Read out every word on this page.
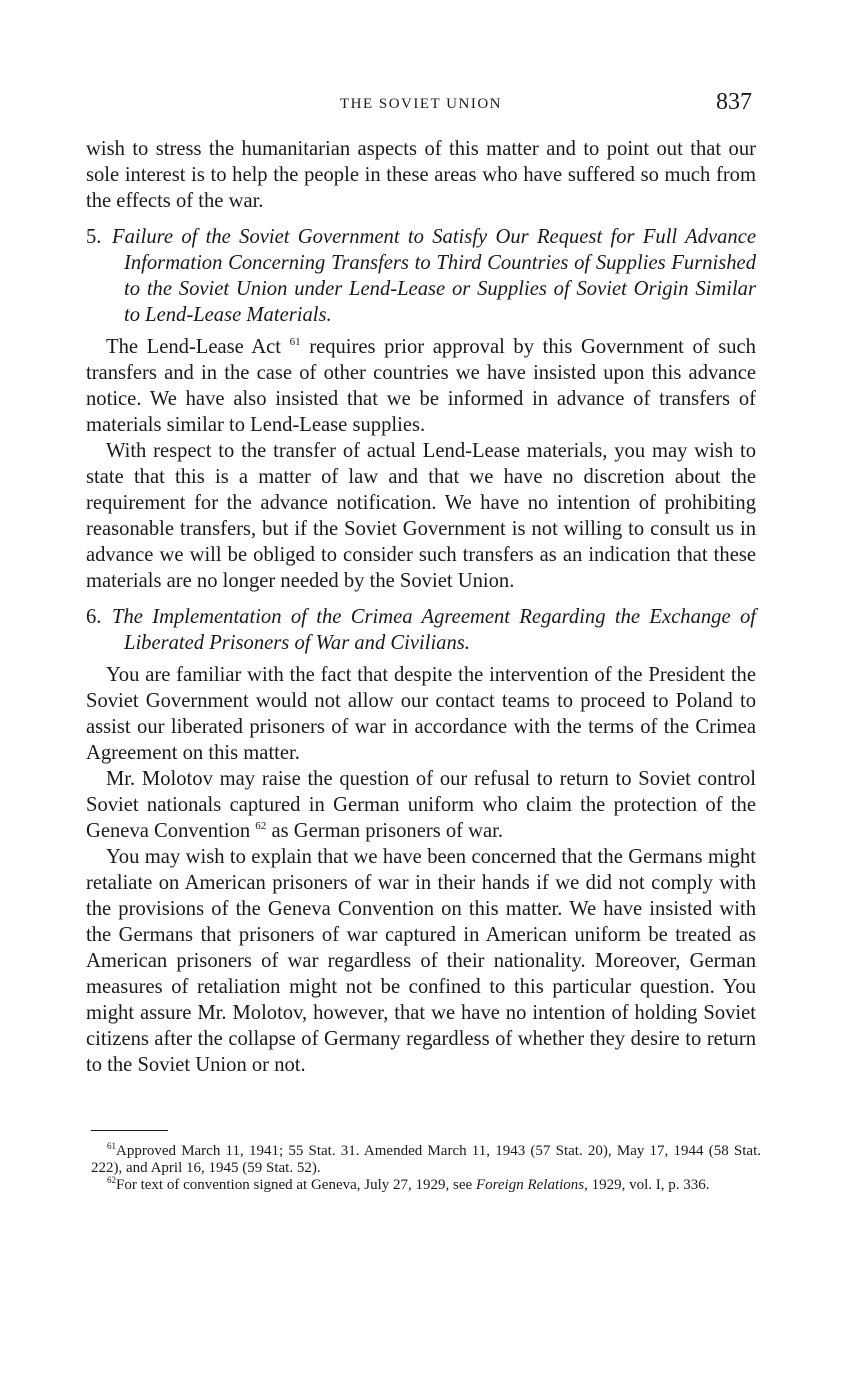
THE SOVIET UNION	837

wish to stress the humanitarian aspects of this matter and to point out that our sole interest is to help the people in these areas who have suffered so much from the effects of the war.

5. Failure of the Soviet Government to Satisfy Our Request for Full Advance Information Concerning Transfers to Third Countries of Supplies Furnished to the Soviet Union under Lend-Lease or Supplies of Soviet Origin Similar to Lend-Lease Materials.

The Lend-Lease Act $^{61}$ requires prior approval by this Government of such transfers and in the case of other countries we have insisted upon this advance notice. We have also insisted that we be informed in advance of transfers of materials similar to Lend-Lease supplies.

With respect to the transfer of actual Lend-Lease materials, you may wish to state that this is a matter of law and that we have no discretion about the requirement for the advance notification. We have no intention of prohibiting reasonable transfers, but if the Soviet Government is not willing to consult us in advance we will be obliged to consider such transfers as an indication that these materials are no longer needed by the Soviet Union.

6. The Implementation of the Crimea Agreement Regarding the Exchange of Liberated Prisoners of War and Civilians.

You are familiar with the fact that despite the intervention of the President the Soviet Government would not allow our contact teams to proceed to Poland to assist our liberated prisoners of war in accordance with the terms of the Crimea Agreement on this matter.

Mr. Molotov may raise the question of our refusal to return to Soviet control Soviet nationals captured in German uniform who claim the protection of the Geneva Convention $^{62}$ as German prisoners of war.

You may wish to explain that we have been concerned that the Germans might retaliate on American prisoners of war in their hands if we did not comply with the provisions of the Geneva Convention on this matter. We have insisted with the Germans that prisoners of war captured in American uniform be treated as American prisoners of war regardless of their nationality. Moreover, German measures of retaliation might not be confined to this particular question. You might assure Mr. Molotov, however, that we have no intention of holding Soviet citizens after the collapse of Germany regardless of whether they desire to return to the Soviet Union or not.

$^{61}$Approved March 11, 1941; 55 Stat. 31. Amended March 11, 1943 (57 Stat. 20), May 17, 1944 (58 Stat. 222), and April 16, 1945 (59 Stat. 52).

$^{62}$For text of convention signed at Geneva, July 27, 1929, see Foreign Relations, 1929, vol. I, p. 336.
